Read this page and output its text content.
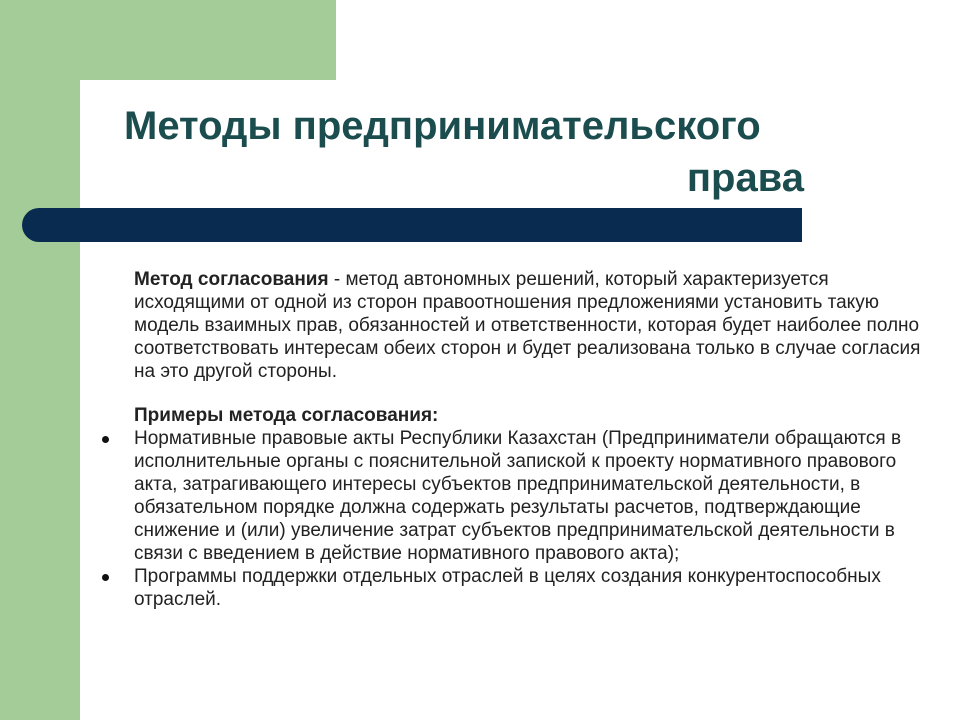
Методы предпринимательского
права

Метод согласования - метод автономных решений, который характеризуется исходящими от одной из сторон правоотношения предложениями установить такую модель взаимных прав, обязанностей и ответственности, которая будет наиболее полно соответствовать интересам обеих сторон и будет реализована только в случае согласия на это другой стороны.

Примеры метода согласования:

Нормативные правовые акты Республики Казахстан (Предприниматели обращаются в исполнительные органы с пояснительной запиской к проекту нормативного правового акта, затрагивающего интересы субъектов предпринимательской деятельности, в обязательном порядке должна содержать результаты расчетов, подтверждающие снижение и (или) увеличение затрат субъектов предпринимательской деятельности в связи с введением в действие нормативного правового акта);
Программы поддержки отдельных отраслей в целях создания конкурентоспособных отраслей.
